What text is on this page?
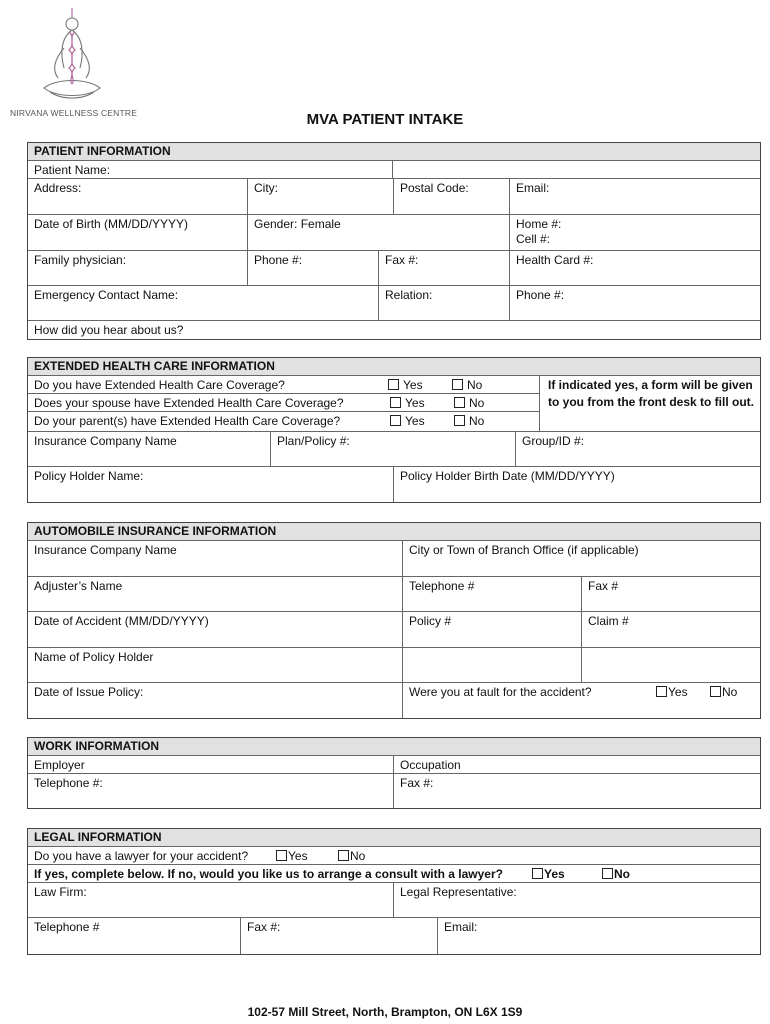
NIRVANA WELLNESS CENTRE	MVA PATIENT INTAKE
PATIENT INFORMATION
Patient Name:
Address:	City:	Postal Code:	Email:
Date of Birth (MM/DD/YYYY)	Gender: Female	Home #:
Cell #:
Family physician:	Phone #:	Fax #:	Health Card #:
Emergency Contact Name:	Relation:	Phone #:
How did you hear about us?
EXTENDED HEALTH CARE INFORMATION
Do you have Extended Health Care Coverage?	Yes	No
Does your spouse have Extended Health Care Coverage?	Yes	No
Do your parent(s) have Extended Health Care Coverage?	Yes	No
If indicated yes, a form will be given to you from the front desk to fill out.
Insurance Company Name	Plan/Policy #:	Group/ID #:
Policy Holder Name:	Policy Holder Birth Date (MM/DD/YYYY)
AUTOMOBILE INSURANCE INFORMATION
Insurance Company Name	City or Town of Branch Office (if applicable)
Adjuster’s Name	Telephone #	Fax #
Date of Accident (MM/DD/YYYY)	Policy #	Claim #
Name of Policy Holder
Date of Issue Policy:	Were you at fault for the accident?	Yes	No
WORK INFORMATION
Employer	Occupation
Telephone #:	Fax #:
LEGAL INFORMATION
Do you have a lawyer for your accident?	Yes	No
If yes, complete below. If no, would you like us to arrange a consult with a lawyer?	Yes	No
Law Firm:	Legal Representative:
Telephone #	Fax #:	Email:
102-57 Mill Street, North, Brampton, ON L6X 1S9
